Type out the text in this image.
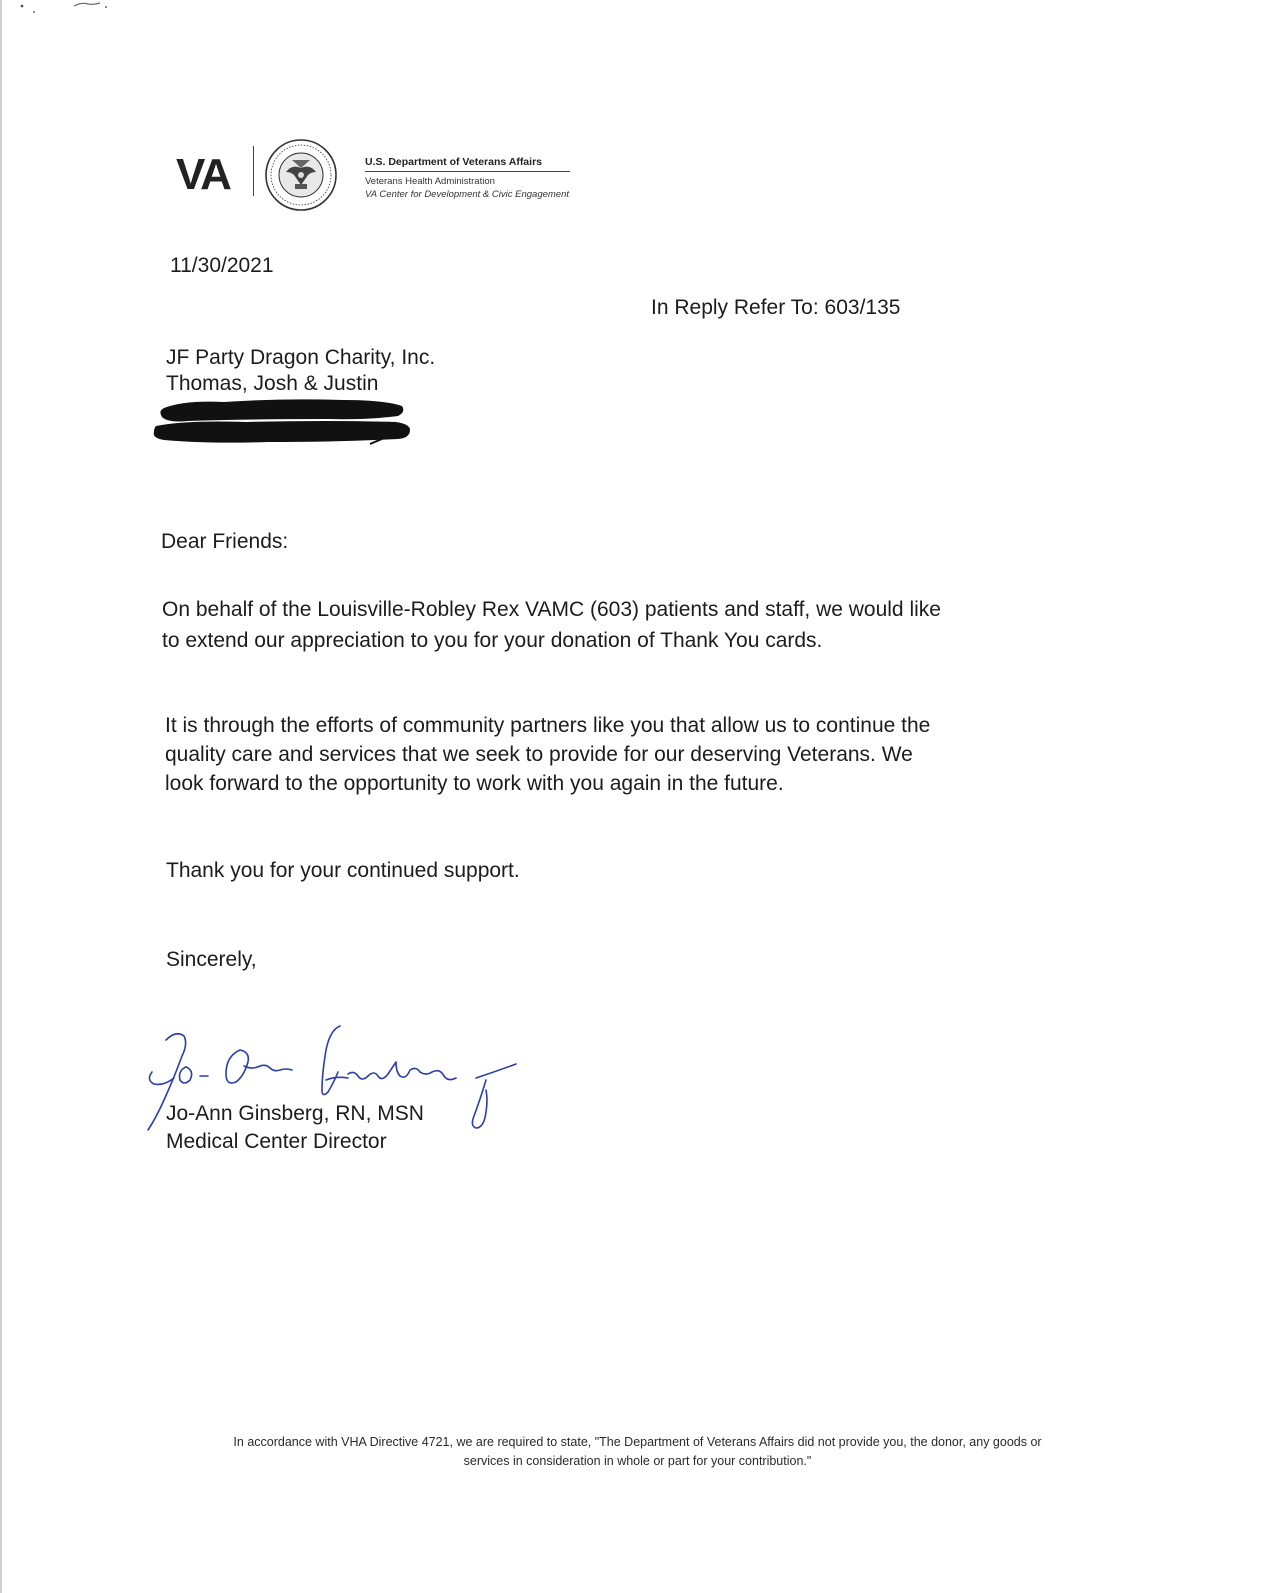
VA	U.S. Department of Veterans Affairs
Veterans Health Administration
VA Center for Development & Civic Engagement
11/30/2021
In Reply Refer To: 603/135
JF Party Dragon Charity, Inc.
Thomas, Josh & Justin
Dear Friends:
On behalf of the Louisville-Robley Rex VAMC (603) patients and staff, we would like
to extend our appreciation to you for your donation of Thank You cards.
It is through the efforts of community partners like you that allow us to continue the
quality care and services that we seek to provide for our deserving Veterans. We
look forward to the opportunity to work with you again in the future.
Thank you for your continued support.
Sincerely,
Jo-Ann Ginsberg, RN, MSN
Medical Center Director
In accordance with VHA Directive 4721, we are required to state, "The Department of Veterans Affairs did not provide you, the donor, any goods or
services in consideration in whole or part for your contribution."
